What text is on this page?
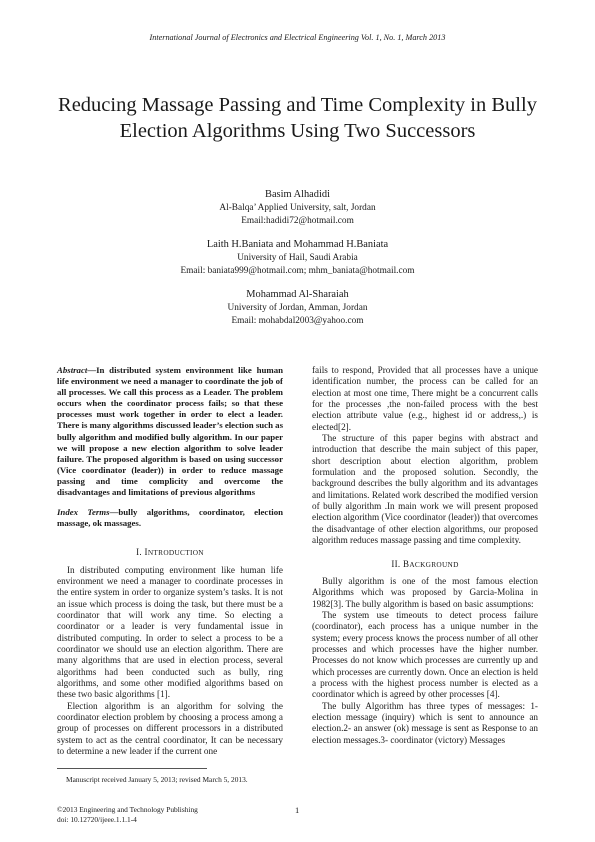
International Journal of Electronics and Electrical Engineering Vol. 1, No. 1, March 2013
Reducing Massage Passing and Time Complexity in Bully Election Algorithms Using Two Successors
Basim Alhadidi
Al-Balqa’ Applied University, salt, Jordan
Email:hadidi72@hotmail.com
Laith H.Baniata and Mohammad H.Baniata
University of Hail, Saudi Arabia
Email: baniata999@hotmail.com; mhm_baniata@hotmail.com
Mohammad Al-Sharaiah
University of Jordan, Amman, Jordan
Email: mohabdal2003@yahoo.com
Abstract—In distributed system environment like human life environment we need a manager to coordinate the job of all processes. We call this process as a Leader. The problem occurs when the coordinator process fails; so that these processes must work together in order to elect a leader. There is many algorithms discussed leader’s election such as bully algorithm and modified bully algorithm. In our paper we will propose a new election algorithm to solve leader failure. The proposed algorithm is based on using successor (Vice coordinator (leader)) in order to reduce massage passing and time complicity and overcome the disadvantages and limitations of previous algorithms
Index Terms—bully algorithms, coordinator, election massage, ok massages.
I. INTRODUCTION

In distributed computing environment like human life environment we need a manager to coordinate processes in the entire system in order to organize system’s tasks. It is not an issue which process is doing the task, but there must be a coordinator that will work any time. So electing a coordinator or a leader is very fundamental issue in distributed computing. In order to select a process to be a coordinator we should use an election algorithm. There are many algorithms that are used in election process, several algorithms had been conducted such as bully, ring algorithms, and some other modified algorithms based on these two basic algorithms [1].

Election algorithm is an algorithm for solving the coordinator election problem by choosing a process among a group of processes on different processors in a distributed system to act as the central coordinator, It can be necessary to determine a new leader if the current one

fails to respond, Provided that all processes have a unique identification number, the process can be called for an election at most one time, There might be a concurrent calls for the processes ,the non-failed process with the best election attribute value (e.g., highest id or address,.) is elected[2].

The structure of this paper begins with abstract and introduction that describe the main subject of this paper, short description about election algorithm, problem formulation and the proposed solution. Secondly, the background describes the bully algorithm and its advantages and limitations. Related work described the modified version of bully algorithm .In main work we will present proposed election algorithm (Vice coordinator (leader)) that overcomes the disadvantage of other election algorithms, our proposed algorithm reduces massage passing and time complexity.

II. BACKGROUND

Bully algorithm is one of the most famous election Algorithms which was proposed by Garcia-Molina in 1982[3]. The bully algorithm is based on basic assumptions:

The system use timeouts to detect process failure (coordinator), each process has a unique number in the system; every process knows the process number of all other processes and which processes have the higher number. Processes do not know which processes are currently up and which processes are currently down. Once an election is held a process with the highest process number is elected as a coordinator which is agreed by other processes [4].

The bully Algorithm has three types of messages: 1- election message (inquiry) which is sent to announce an election.2- an answer (ok) message is sent as Response to an election messages.3- coordinator (victory) Messages

Manuscript received January 5, 2013; revised March 5, 2013.
©2013 Engineering and Technology Publishing
doi: 10.12720/ijeee.1.1.1-4
1
